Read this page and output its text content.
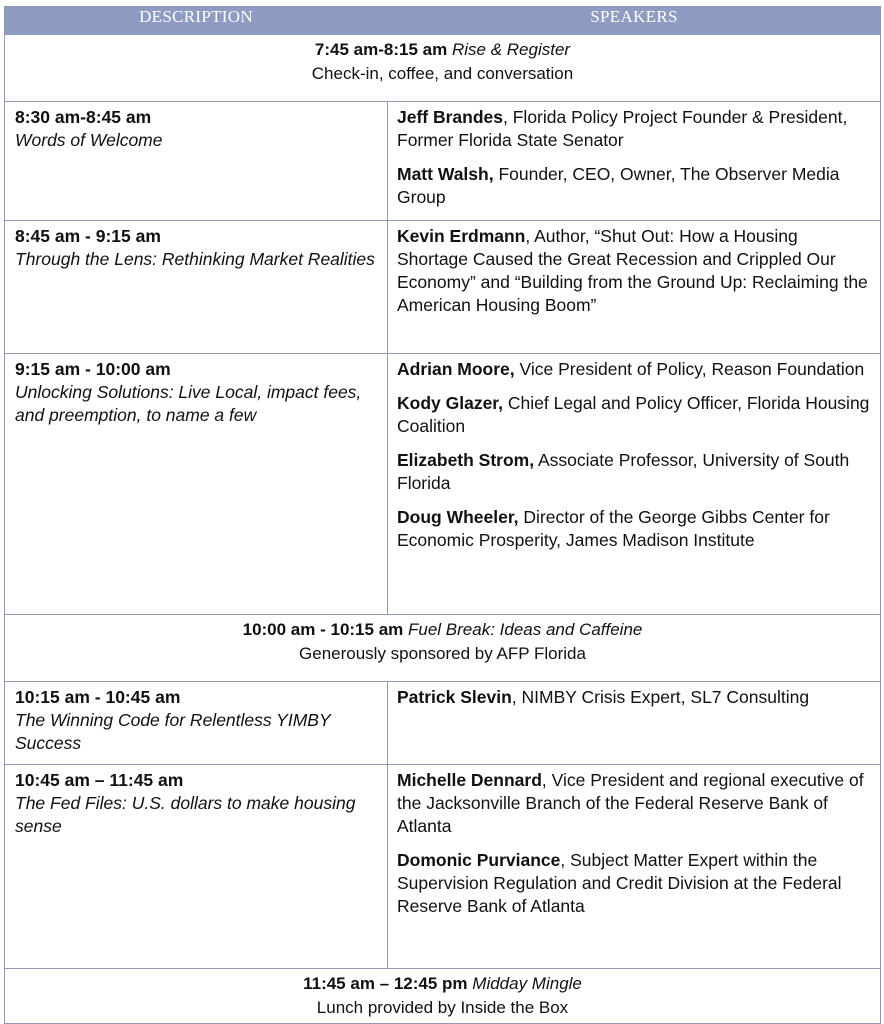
DESCRIPTION	SPEAKERS
7:45 am-8:15 am Rise & Register
Check-in, coffee, and conversation	

8:30 am-8:45 am
Words of Welcome	Jeff Brandes, Florida Policy Project Founder & President, Former Florida State Senator
Matt Walsh, Founder, CEO, Owner, The Observer Media Group

8:45 am - 9:15 am
Through the Lens: Rethinking Market Realities	Kevin Erdmann, Author, “Shut Out: How a Housing Shortage Caused the Great Recession and Crippled Our Economy” and “Building from the Ground Up: Reclaiming the American Housing Boom”

9:15 am - 10:00 am
Unlocking Solutions: Live Local, impact fees, and preemption, to name a few	Adrian Moore, Vice President of Policy, Reason Foundation
Kody Glazer, Chief Legal and Policy Officer, Florida Housing Coalition
Elizabeth Strom, Associate Professor, University of South Florida
Doug Wheeler, Director of the George Gibbs Center for Economic Prosperity, James Madison Institute

10:00 am - 10:15 am Fuel Break: Ideas and Caffeine
Generously sponsored by AFP Florida	

10:15 am - 10:45 am
The Winning Code for Relentless YIMBY Success	Patrick Slevin, NIMBY Crisis Expert, SL7 Consulting

10:45 am – 11:45 am
The Fed Files: U.S. dollars to make housing sense	Michelle Dennard, Vice President and regional executive of the Jacksonville Branch of the Federal Reserve Bank of Atlanta
Domonic Purviance, Subject Matter Expert within the Supervision Regulation and Credit Division at the Federal Reserve Bank of Atlanta

11:45 am – 12:45 pm Midday Mingle
Lunch provided by Inside the Box	
